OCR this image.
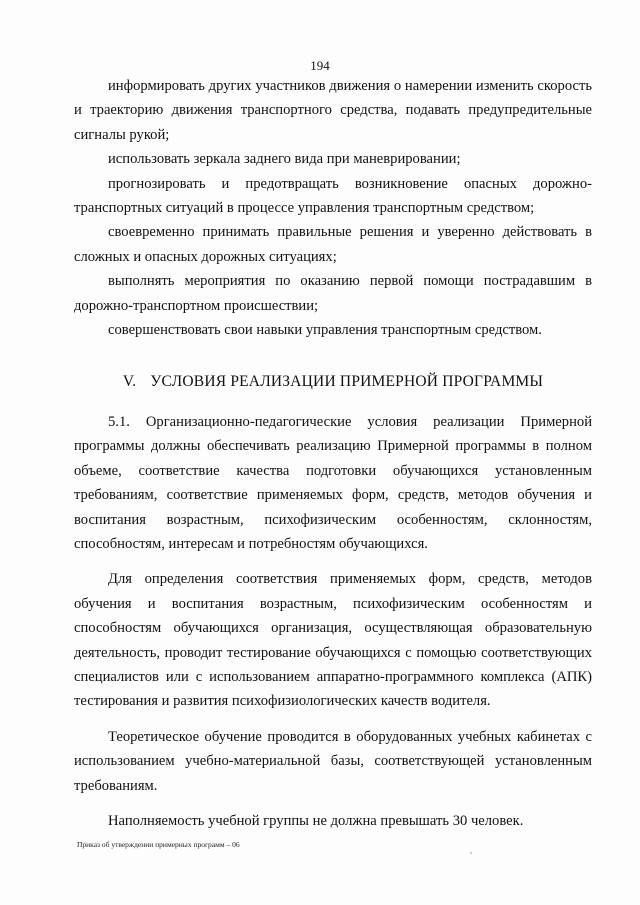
194

информировать других участников движения о намерении изменить скорость и траекторию движения транспортного средства, подавать предупредительные сигналы рукой;

использовать зеркала заднего вида при маневрировании;

прогнозировать и предотвращать возникновение опасных дорожно-транспортных ситуаций в процессе управления транспортным средством;

своевременно принимать правильные решения и уверенно действовать в сложных и опасных дорожных ситуациях;

выполнять мероприятия по оказанию первой помощи пострадавшим в дорожно-транспортном происшествии;

совершенствовать свои навыки управления транспортным средством.

V. УСЛОВИЯ РЕАЛИЗАЦИИ ПРИМЕРНОЙ ПРОГРАММЫ

5.1. Организационно-педагогические условия реализации Примерной программы должны обеспечивать реализацию Примерной программы в полном объеме, соответствие качества подготовки обучающихся установленным требованиям, соответствие применяемых форм, средств, методов обучения и воспитания возрастным, психофизическим особенностям, склонностям, способностям, интересам и потребностям обучающихся.

Для определения соответствия применяемых форм, средств, методов обучения и воспитания возрастным, психофизическим особенностям и способностям обучающихся организация, осуществляющая образовательную деятельность, проводит тестирование обучающихся с помощью соответствующих специалистов или с использованием аппаратно-программного комплекса (АПК) тестирования и развития психофизиологических качеств водителя.

Теоретическое обучение проводится в оборудованных учебных кабинетах с использованием учебно-материальной базы, соответствующей установленным требованиям.

Наполняемость учебной группы не должна превышать 30 человек.

Приказ об утверждении примерных программ – 06
